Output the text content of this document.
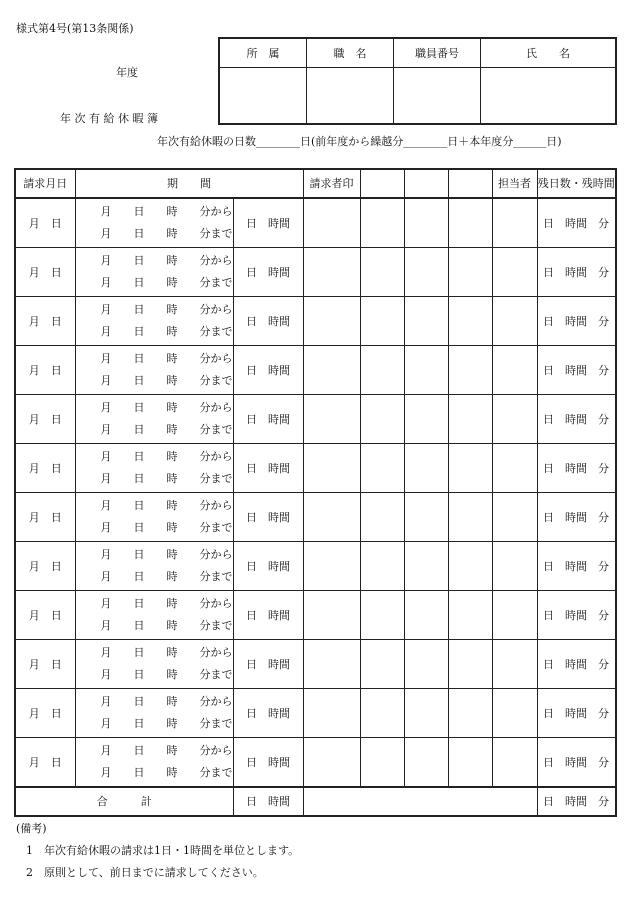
様式第4号(第13条関係)
年度
年 次 有 給 休 暇 簿
所　属	職　名	職員番号	氏　　名

年次有給休暇の日数________日(前年度から繰越分________日＋本年度分______日)
請求月日	期　　間		請求者印				担当者	残日数・残時間
月　日	月　　日　　時　　分から
月　　日　　時　　分まで	日　時間						日　時間　分
月　日	月　　日　　時　　分から
月　　日　　時　　分まで	日　時間						日　時間　分
月　日	月　　日　　時　　分から
月　　日　　時　　分まで	日　時間						日　時間　分
月　日	月　　日　　時　　分から
月　　日　　時　　分まで	日　時間						日　時間　分
月　日	月　　日　　時　　分から
月　　日　　時　　分まで	日　時間						日　時間　分
月　日	月　　日　　時　　分から
月　　日　　時　　分まで	日　時間						日　時間　分
月　日	月　　日　　時　　分から
月　　日　　時　　分まで	日　時間						日　時間　分
月　日	月　　日　　時　　分から
月　　日　　時　　分まで	日　時間						日　時間　分
月　日	月　　日　　時　　分から
月　　日　　時　　分まで	日　時間						日　時間　分
月　日	月　　日　　時　　分から
月　　日　　時　　分まで	日　時間						日　時間　分
月　日	月　　日　　時　　分から
月　　日　　時　　分まで	日　時間						日　時間　分
月　日	月　　日　　時　　分から
月　　日　　時　　分まで	日　時間						日　時間　分
合　　　計		日　時間						日　時間　分
(備考)
1　年次有給休暇の請求は1日・1時間を単位とします。
2　原則として、前日までに請求してください。
